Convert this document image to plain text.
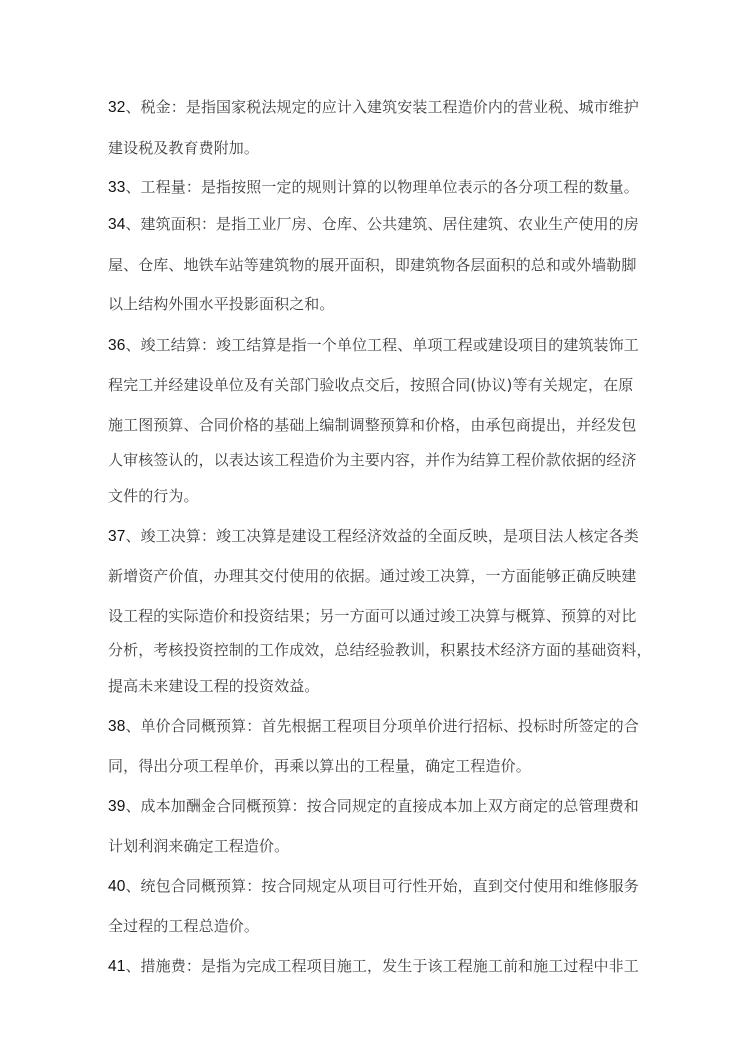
32、税金：是指国家税法规定的应计入建筑安装工程造价内的营业税、城市维护
建设税及教育费附加。
33、工程量：是指按照一定的规则计算的以物理单位表示的各分项工程的数量。
34、建筑面积：是指工业厂房、仓库、公共建筑、居住建筑、农业生产使用的房
屋、仓库、地铁车站等建筑物的展开面积，即建筑物各层面积的总和或外墙勒脚
以上结构外围水平投影面积之和。
36、竣工结算：竣工结算是指一个单位工程、单项工程或建设项目的建筑装饰工
程完工并经建设单位及有关部门验收点交后，按照合同(协议)等有关规定，在原
施工图预算、合同价格的基础上编制调整预算和价格，由承包商提出，并经发包
人审核签认的，以表达该工程造价为主要内容，并作为结算工程价款依据的经济
文件的行为。
37、竣工决算：竣工决算是建设工程经济效益的全面反映，是项目法人核定各类
新增资产价值，办理其交付使用的依据。通过竣工决算，一方面能够正确反映建
设工程的实际造价和投资结果；另一方面可以通过竣工决算与概算、预算的对比
分析，考核投资控制的工作成效，总结经验教训，积累技术经济方面的基础资料，
提高未来建设工程的投资效益。
38、单价合同概预算：首先根据工程项目分项单价进行招标、投标时所签定的合
同，得出分项工程单价，再乘以算出的工程量，确定工程造价。
39、成本加酬金合同概预算：按合同规定的直接成本加上双方商定的总管理费和
计划利润来确定工程造价。
40、统包合同概预算：按合同规定从项目可行性开始，直到交付使用和维修服务
全过程的工程总造价。
41、措施费：是指为完成工程项目施工，发生于该工程施工前和施工过程中非工
